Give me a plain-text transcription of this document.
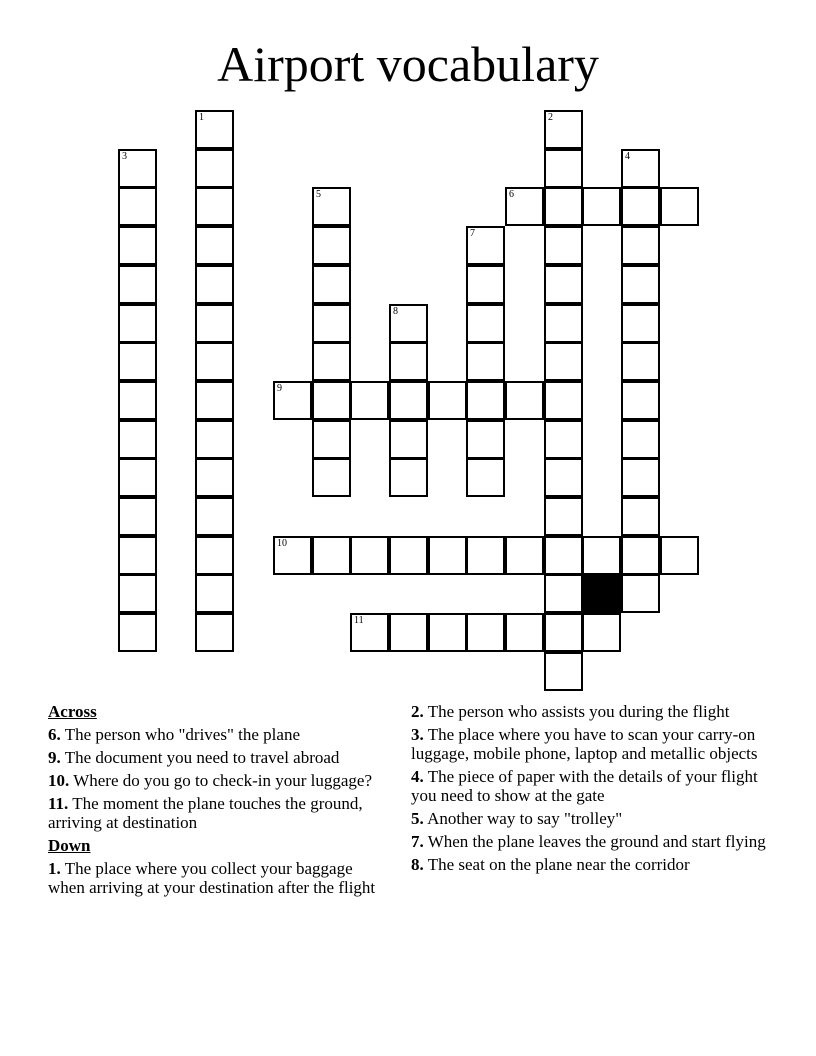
Airport vocabulary
1	2
3	4
5	6
7
8
9
10
11
Across
6. The person who "drives" the plane
9. The document you need to travel abroad
10. Where do you go to check-in your luggage?
11. The moment the plane touches the ground, arriving at destination
Down
1. The place where you collect your baggage when arriving at your destination after the flight
2. The person who assists you during the flight
3. The place where you have to scan your carry-on luggage, mobile phone, laptop and metallic objects
4. The piece of paper with the details of your flight you need to show at the gate
5. Another way to say "trolley"
7. When the plane leaves the ground and start flying
8. The seat on the plane near the corridor
